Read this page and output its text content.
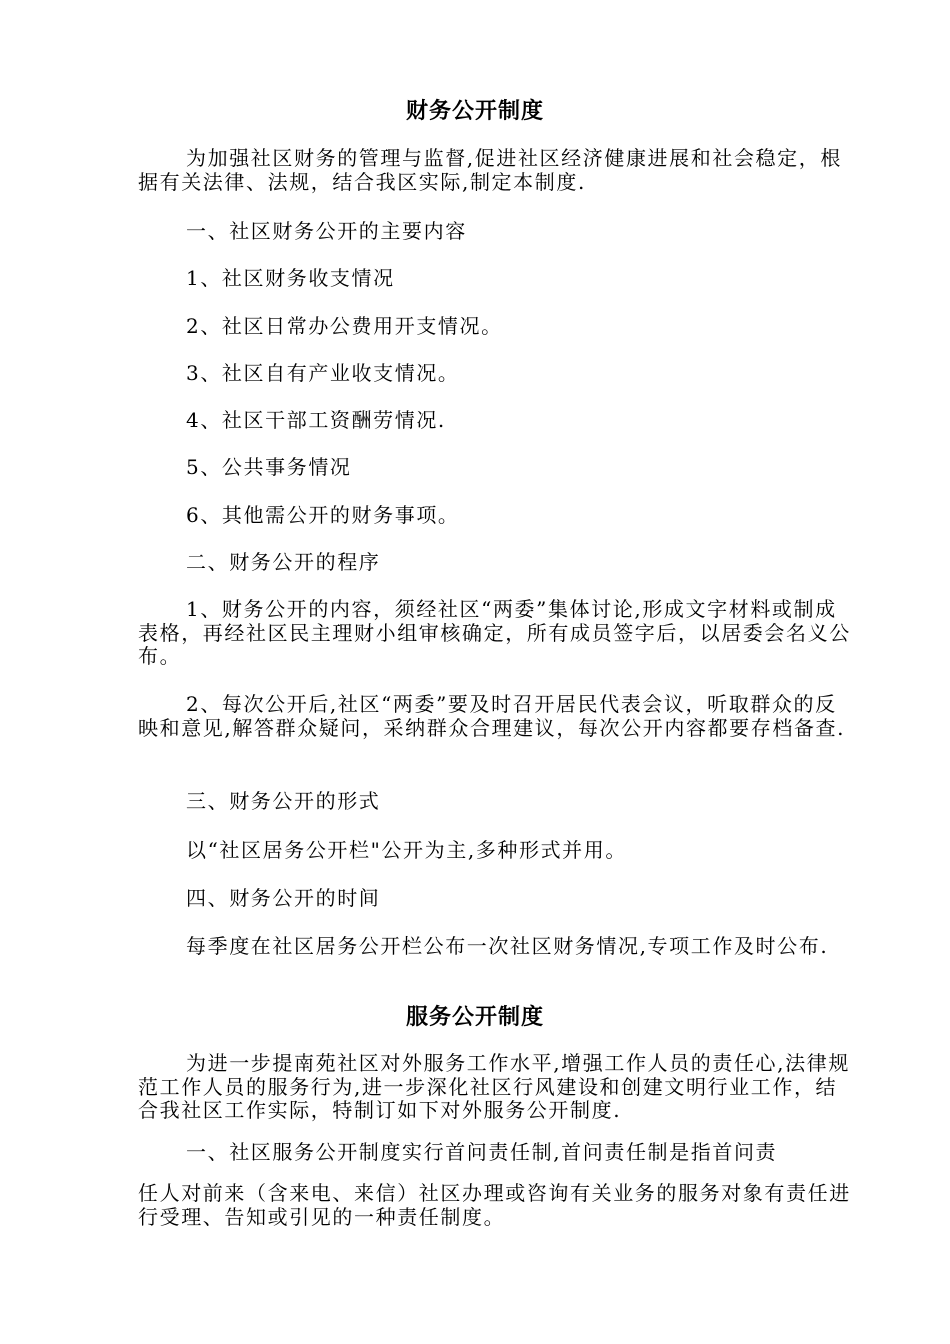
财务公开制度

为加强社区财务的管理与监督,促进社区经济健康进展和社会稳定，根据有关法律、法规，结合我区实际,制定本制度.

一、社区财务公开的主要内容

1、社区财务收支情况

2、社区日常办公费用开支情况。

3、社区自有产业收支情况。

4、社区干部工资酬劳情况.

5、公共事务情况

6、其他需公开的财务事项。

二、财务公开的程序

1、财务公开的内容，须经社区“两委”集体讨论,形成文字材料或制成表格，再经社区民主理财小组审核确定，所有成员签字后，以居委会名义公布。

2、每次公开后,社区“两委”要及时召开居民代表会议，听取群众的反映和意见,解答群众疑问，采纳群众合理建议，每次公开内容都要存档备查.

三、财务公开的形式

以“社区居务公开栏"公开为主,多种形式并用。

四、财务公开的时间

每季度在社区居务公开栏公布一次社区财务情况,专项工作及时公布.

服务公开制度

为进一步提南苑社区对外服务工作水平,增强工作人员的责任心,法律规范工作人员的服务行为,进一步深化社区行风建设和创建文明行业工作，结合我社区工作实际，特制订如下对外服务公开制度.

一、社区服务公开制度实行首问责任制,首问责任制是指首问责

任人对前来（含来电、来信）社区办理或咨询有关业务的服务对象有责任进行受理、告知或引见的一种责任制度。
